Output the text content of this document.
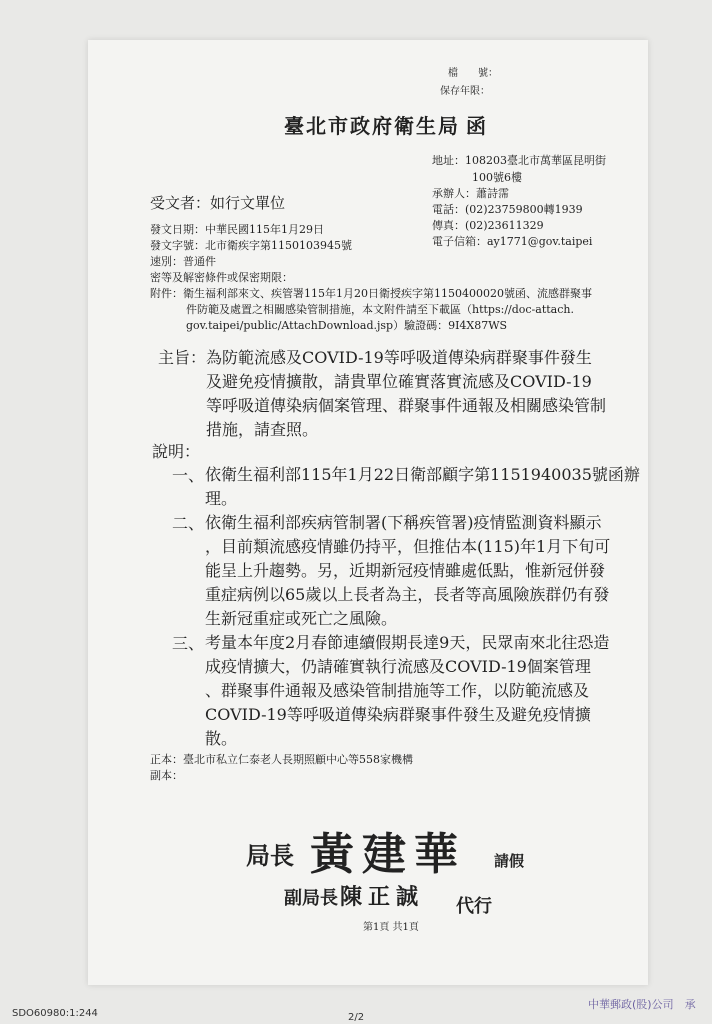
檔　　號：
保存年限：
臺北市政府衛生局 函
地址：108203臺北市萬華區昆明街
100號6樓
承辦人：蕭詩霈
電話：(02)23759800轉1939
傳真：(02)23611329
電子信箱：ay1771@gov.taipei
受文者：如行文單位
發文日期：中華民國115年1月29日
發文字號：北市衛疾字第1150103945號
速別：普通件
密等及解密條件或保密期限：
附件：衛生福利部來文、疾管署115年1月20日衛授疾字第1150400020號函、流感群聚事
件防範及處置之相關感染管制措施，本文附件請至下載區（https://doc-attach.
gov.taipei/public/AttachDownload.jsp）驗證碼：9I4X87WS
主旨：為防範流感及COVID-19等呼吸道傳染病群聚事件發生
及避免疫情擴散，請貴單位確實落實流感及COVID-19
等呼吸道傳染病個案管理、群聚事件通報及相關感染管制
措施，請查照。
說明：
一、 依衛生福利部115年1月22日衛部顧字第1151940035號函辦
理。
二、 依衛生福利部疾病管制署(下稱疾管署)疫情監測資料顯示
，目前類流感疫情雖仍持平，但推估本(115)年1月下旬可
能呈上升趨勢。另，近期新冠疫情雖處低點，惟新冠併發
重症病例以65歲以上長者為主，長者等高風險族群仍有發
生新冠重症或死亡之風險。
三、 考量本年度2月春節連續假期長達9天，民眾南來北往恐造
成疫情擴大，仍請確實執行流感及COVID-19個案管理
、群聚事件通報及感染管制措施等工作，以防範流感及
COVID-19等呼吸道傳染病群聚事件發生及避免疫情擴
散。
正本：臺北市私立仁泰老人長期照顧中心等558家機構
副本：
局長 黃建華 請假
副局長 陳正誠 代行
第1頁 共1頁
SDO60980:1:244	2/2
中華郵政(股)公司　承
